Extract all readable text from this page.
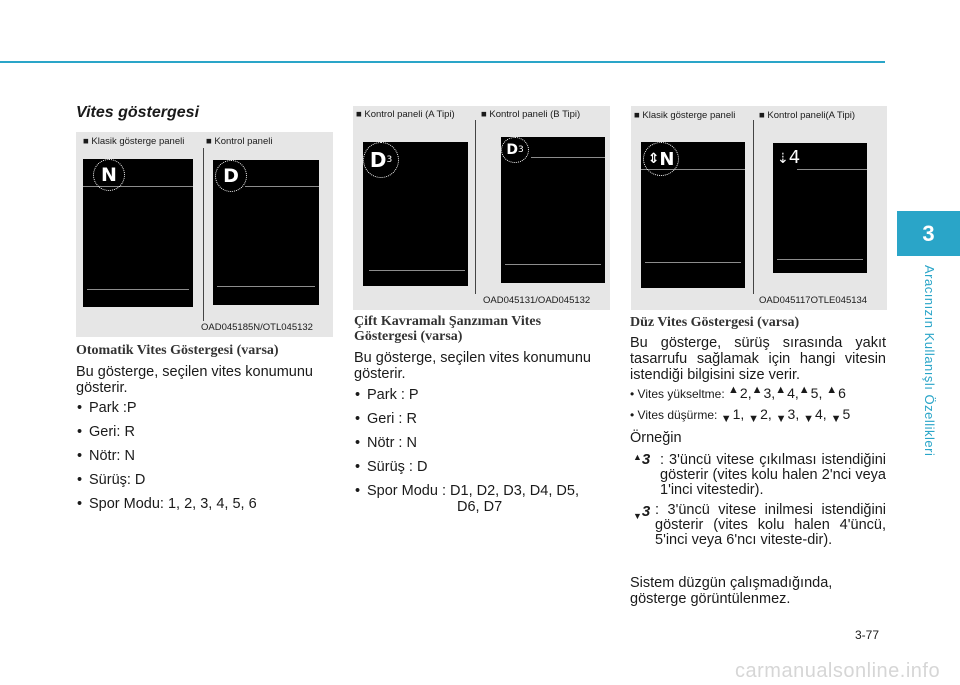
3
Aracınızın Kullanışlı Özellikleri
Vites göstergesi
■ Klasik gösterge paneli ■ Kontrol paneli
N	D
OAD045185N/OTL045132
Otomatik Vites Göstergesi (varsa)
Bu gösterge, seçilen vites konumunu gösterir.
• Park :P
• Geri: R
• Nötr: N
• Sürüş: D
• Spor Modu: 1, 2, 3, 4, 5, 6
■ Kontrol paneli (A Tipi)	■ Kontrol paneli (B Tipi)
D 3
D 3
OAD045131/OAD045132
Çift Kavramalı Şanzıman Vites Göstergesi (varsa)
Bu gösterge, seçilen vites konumunu gösterir.
• Park : P
• Geri : R
• Nötr : N
• Sürüş : D
• Spor Modu : D1, D2, D3, D4, D5,
D6, D7
■ Klasik gösterge paneli ■ Kontrol paneli(A Tipi)
⇕ N	⇣4
OAD045117OTLE045134
Düz Vites Göstergesi (varsa)
Bu gösterge, sürüş sırasında yakıt tasarrufu sağlamak için hangi vitesin istendiği bilgisini size verir.
• Vites yükseltme: ▲2,▲3,▲4,▲5, ▲6
• Vites düşürme: ▼1, ▼2, ▼3, ▼4, ▼5
Örneğin
▲3 : 3'üncü vitese çıkılması istendiğini gösterir (vites kolu halen 2'nci veya 1'inci vitestedir).
$_▼$3 : 3'üncü vitese inilmesi istendiğini gösterir (vites kolu halen 4'üncü, 5'inci veya 6'ncı viteste-dir).
Sistem düzgün çalışmadığında, gösterge görüntülenmez.
3-77
carmanualsonline.info
